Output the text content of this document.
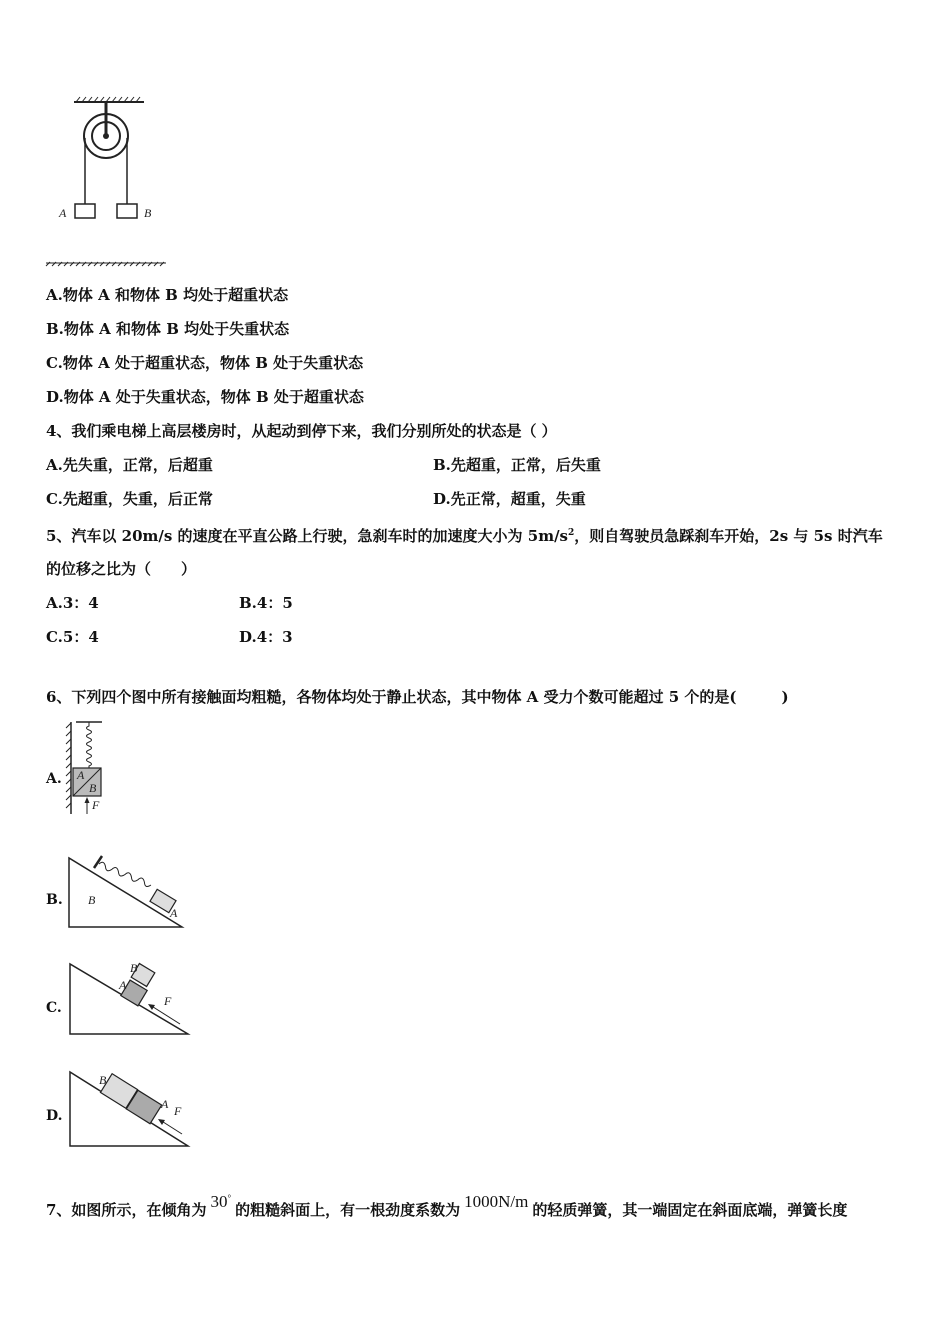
A	B
A.物体 A 和物体 B 均处于超重状态
B.物体 A 和物体 B 均处于失重状态
C.物体 A 处于超重状态，物体 B 处于失重状态
D.物体 A 处于失重状态，物体 B 处于超重状态
4、我们乘电梯上高层楼房时，从起动到停下来，我们分别所处的状态是（ ）
A.先失重，正常，后超重	B.先超重，正常，后失重
C.先超重，失重，后正常	D.先正常，超重，失重
5、汽车以 20m/s 的速度在平直公路上行驶，急刹车时的加速度大小为 $5m/s^2$，则自驾驶员急踩刹车开始，2s 与 5s 时汽车
的位移之比为（　　）
A.3：4	B.4：5
C.5：4	D.4：3
6、下列四个图中所有接触面均粗糙，各物体均处于静止状态，其中物体 A 受力个数可能超过 5 个的是(　　　)
A. A
B
F
B. B
A
C.
B
A
F
D.
B
A F
7、如图所示，在倾角为 30°的粗糙斜面上，有一根劲度系数为 1000N/m 的轻质弹簧，其一端固定在斜面底端，弹簧长度
